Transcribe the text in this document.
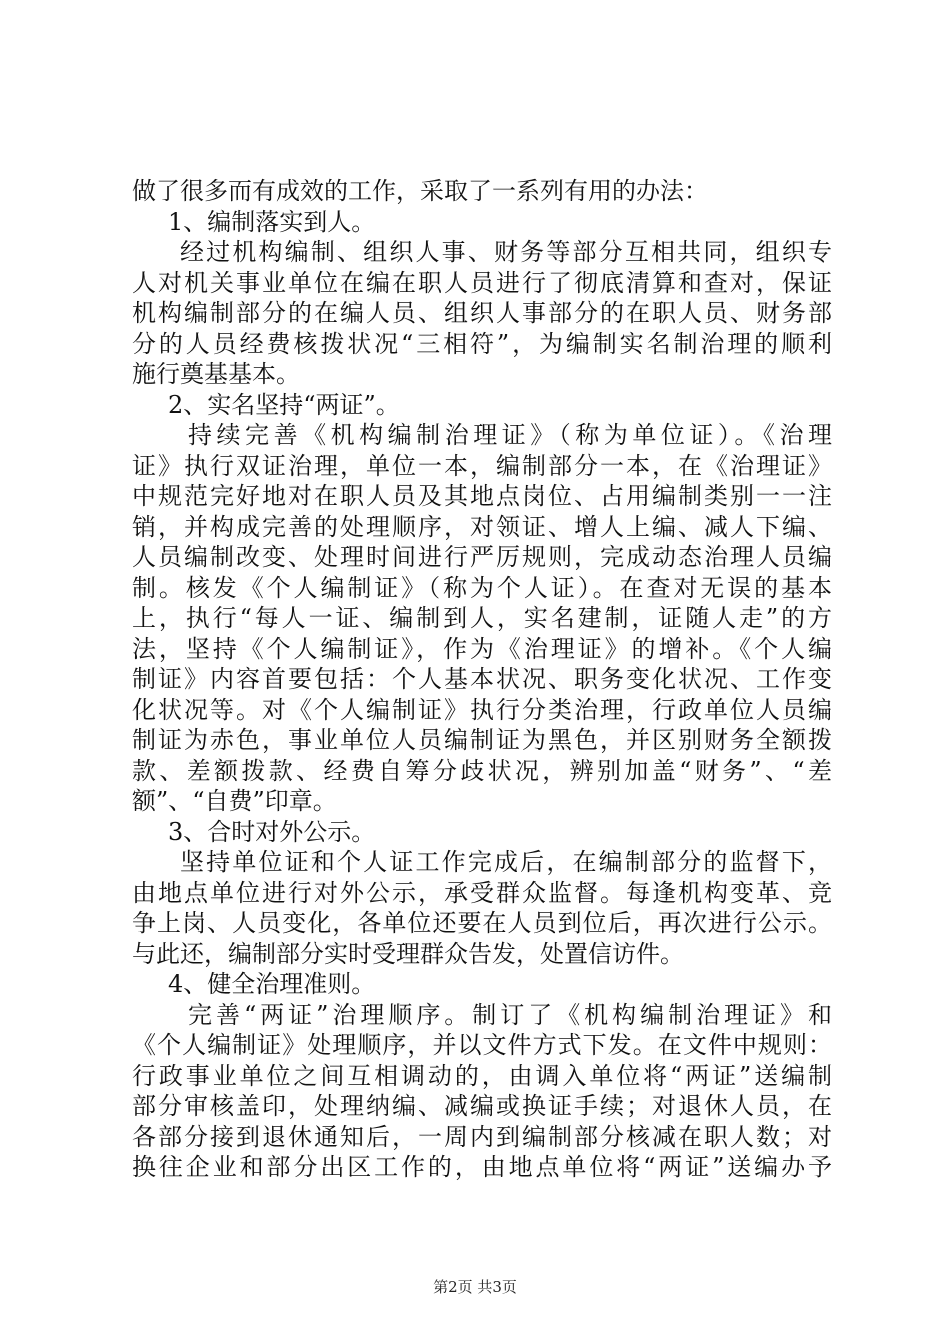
做了很多而有成效的工作，采取了一系列有用的办法：
1、编制落实到人。
经过机构编制、组织人事、财务等部分互相共同，组织专
人对机关事业单位在编在职人员进行了彻底清算和查对，保证
机构编制部分的在编人员、组织人事部分的在职人员、财务部
分的人员经费核拨状况“三相符”，为编制实名制治理的顺利
施行奠基基本。
2、实名坚持“两证”。
持续完善《机构编制治理证》（称为单位证）。《治理
证》执行双证治理，单位一本，编制部分一本，在《治理证》
中规范完好地对在职人员及其地点岗位、占用编制类别一一注
销，并构成完善的处理顺序，对领证、增人上编、减人下编、
人员编制改变、处理时间进行严厉规则，完成动态治理人员编
制。核发《个人编制证》（称为个人证）。在查对无误的基本
上，执行“每人一证、编制到人，实名建制，证随人走”的方
法，坚持《个人编制证》，作为《治理证》的增补。《个人编
制证》内容首要包括：个人基本状况、职务变化状况、工作变
化状况等。对《个人编制证》执行分类治理，行政单位人员编
制证为赤色，事业单位人员编制证为黑色，并区别财务全额拨
款、差额拨款、经费自筹分歧状况，辨别加盖“财务”、“差
额”、“自费”印章。
3、合时对外公示。
坚持单位证和个人证工作完成后，在编制部分的监督下，
由地点单位进行对外公示，承受群众监督。每逢机构变革、竞
争上岗、人员变化，各单位还要在人员到位后，再次进行公示。
与此还，编制部分实时受理群众告发，处置信访件。
4、健全治理准则。
完善“两证”治理顺序。制订了《机构编制治理证》和
《个人编制证》处理顺序，并以文件方式下发。在文件中规则：
行政事业单位之间互相调动的，由调入单位将“两证”送编制
部分审核盖印，处理纳编、减编或换证手续；对退休人员，在
各部分接到退休通知后，一周内到编制部分核减在职人数；对
换往企业和部分出区工作的，由地点单位将“两证”送编办予
第2页 共3页
